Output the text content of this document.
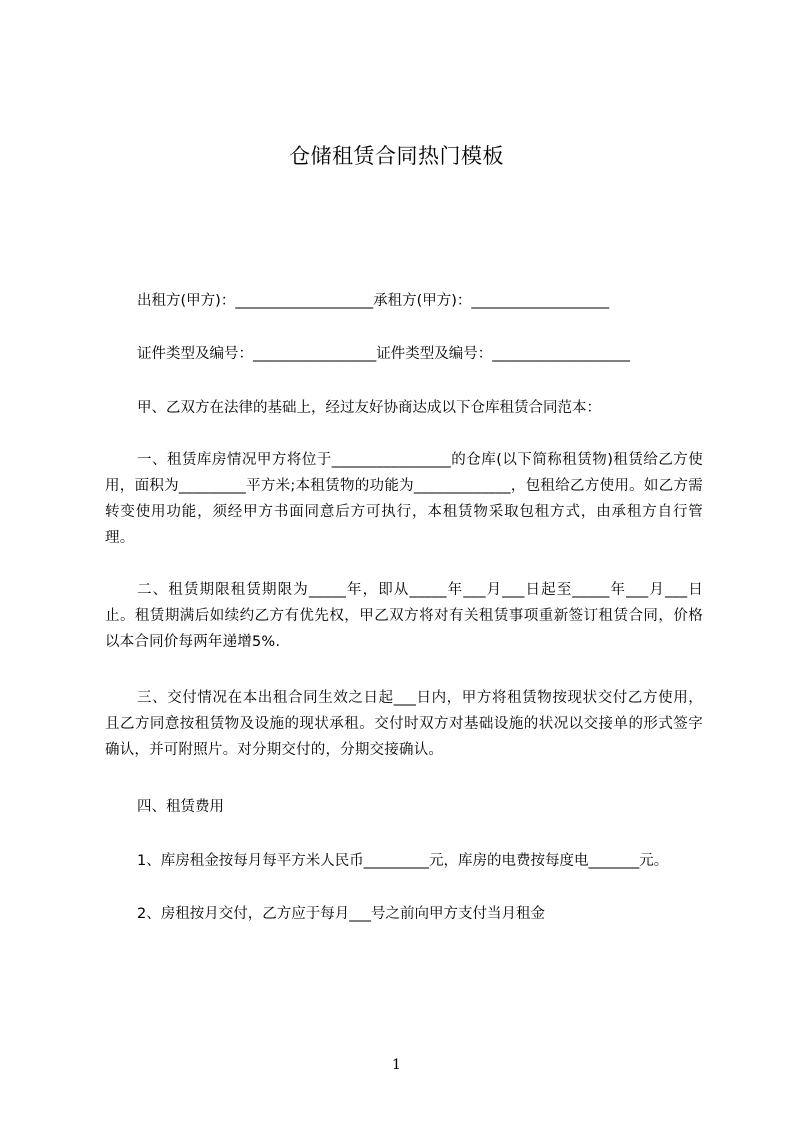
仓储租赁合同热门模板
出租方(甲方)：___________________承租方(甲方)：___________________
证件类型及编号：_________________证件类型及编号：___________________
甲、乙双方在法律的基础上，经过友好协商达成以下仓库租赁合同范本：

一、租赁库房情况甲方将位于________________的仓库(以下简称租赁物)租赁给乙方使用，面积为_________平方米;本租赁物的功能为_____________，包租给乙方使用。如乙方需转变使用功能，须经甲方书面同意后方可执行，本租赁物采取包租方式，由承租方自行管理。

二、租赁期限租赁期限为_____年，即从_____年___月___日起至_____年___月___日止。租赁期满后如续约乙方有优先权，甲乙双方将对有关租赁事项重新签订租赁合同，价格以本合同价每两年递增5%.

三、交付情况在本出租合同生效之日起___日内，甲方将租赁物按现状交付乙方使用，且乙方同意按租赁物及设施的现状承租。交付时双方对基础设施的状况以交接单的形式签字确认，并可附照片。对分期交付的，分期交接确认。

四、租赁费用
1、库房租金按每月每平方米人民币_________元，库房的电费按每度电_______元。
2、房租按月交付，乙方应于每月___号之前向甲方支付当月租金
1
